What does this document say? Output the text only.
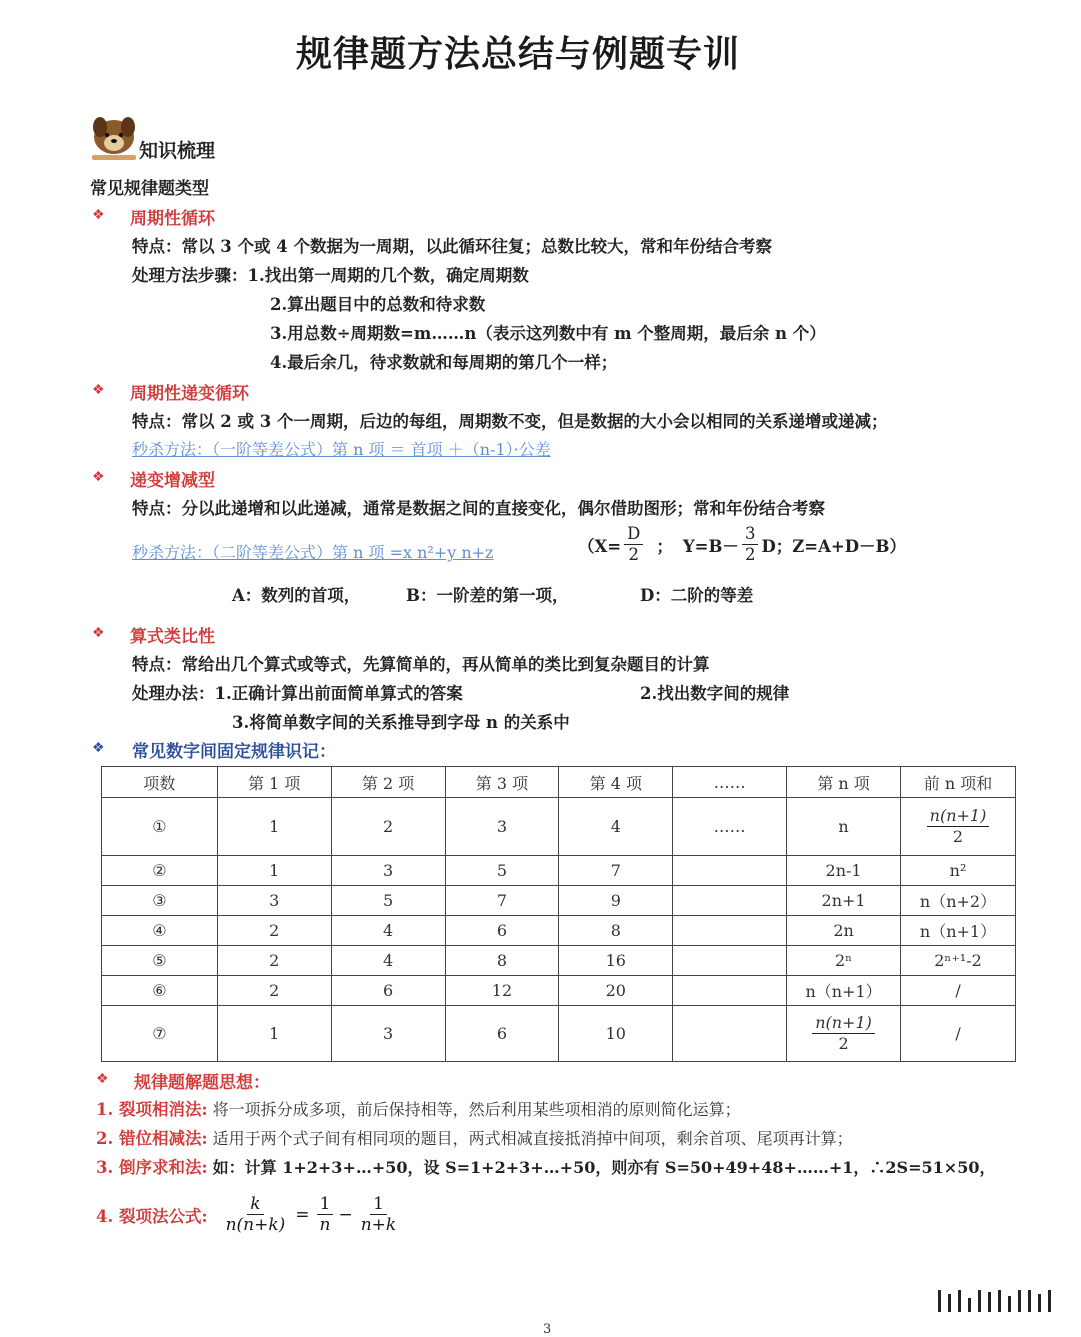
规律题方法总结与例题专训
知识梳理
常见规律题类型
❖ 周期性循环
特点：常以 3 个或 4 个数据为一周期，以此循环往复；总数比较大，常和年份结合考察
处理方法步骤：1.找出第一周期的几个数，确定周期数
2.算出题目中的总数和待求数
3.用总数÷周期数=m……n（表示这列数中有 m 个整周期，最后余 n 个）
4.最后余几，待求数就和每周期的第几个一样；
❖ 周期性递变循环
特点：常以 2 或 3 个一周期，后边的每组，周期数不变，但是数据的大小会以相同的关系递增或递减；
秒杀方法：（一阶等差公式）第 n 项 ＝ 首项 ＋（n-1）·公差
❖ 递变增减型
特点：分以此递增和以此递减，通常是数据之间的直接变化，偶尔借助图形；常和年份结合考察
秒杀方法：（二阶等差公式）第 n 项 =x n²+y n+z	（$X= \frac{D}{2}$ ； $Y=B- \frac{3}{2}$ D；Z=A+D－B）
A：数列的首项，	B：一阶差的第一项，	D：二阶的等差
❖ 算式类比性
特点：常给出几个算式或等式，先算简单的，再从简单的类比到复杂题目的计算
处理办法：1.正确计算出前面简单算式的答案	2.找出数字间的规律
3.将简单数字间的关系推导到字母 n 的关系中
❖ 常见数字间固定规律识记：
项数	第 1 项	第 2 项	第 3 项	第 4 项	……	第 n 项	前 n 项和
①	1	2	3	4	……	n	$\frac{n(n+1)}{2}$

②	1	3	5	7		2n-1	n²
③	3	5	7	9		2n+1	n（n+2）
④	2	4	6	8		2n	n（n+1）
⑤	2	4	8	16		2ⁿ	2ⁿ⁺¹-2
⑥	2	6	12	20		n（n+1）	/
⑦	1	3	6	10		$\frac{n(n+1)}{2}$	/
❖ 规律题解题思想：
1. 裂项相消法: 将一项拆分成多项，前后保持相等，然后利用某些项相消的原则简化运算；
2. 错位相减法: 适用于两个式子间有相同项的题目，两式相减直接抵消掉中间项，剩余首项、尾项再计算；
3. 倒序求和法: 如：计算 1+2+3+…+50，设 S=1+2+3+…+50，则亦有 S=50+49+48+……+1，∴2S=51×50，
4. 裂项法公式: $\frac{k}{n(n+k)} = \frac{1}{n} - \frac{1}{n+k}$
3
